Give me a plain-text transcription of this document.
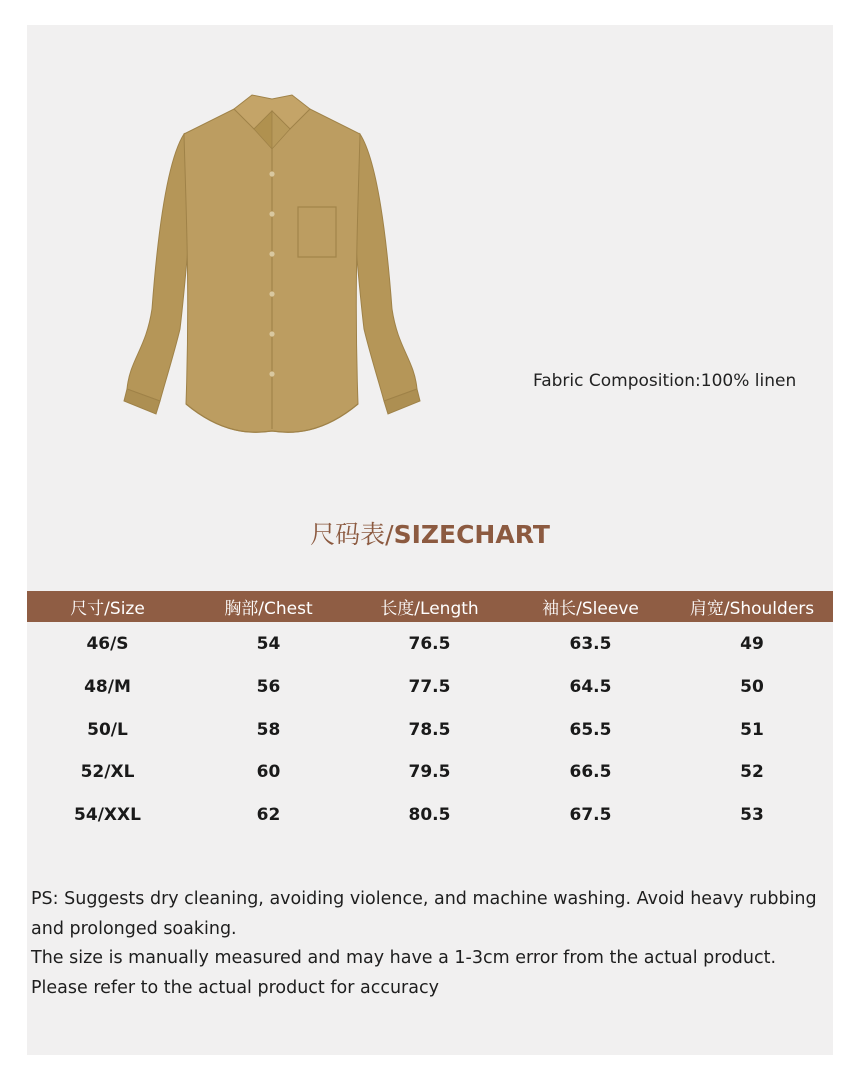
Fabric Composition:100% linen
尺码表/SIZECHART
尺寸/Size	胸部/Chest	长度/Length	袖长/Sleeve	肩宽/Shoulders
46/S	54	76.5	63.5	49
48/M	56	77.5	64.5	50
50/L	58	78.5	65.5	51
52/XL	60	79.5	66.5	52
54/XXL	62	80.5	67.5	53

PS: Suggests dry cleaning, avoiding violence, and machine washing. Avoid heavy rubbing and prolonged soaking.

The size is manually measured and may have a 1-3cm error from the actual product.

Please refer to the actual product for accuracy
